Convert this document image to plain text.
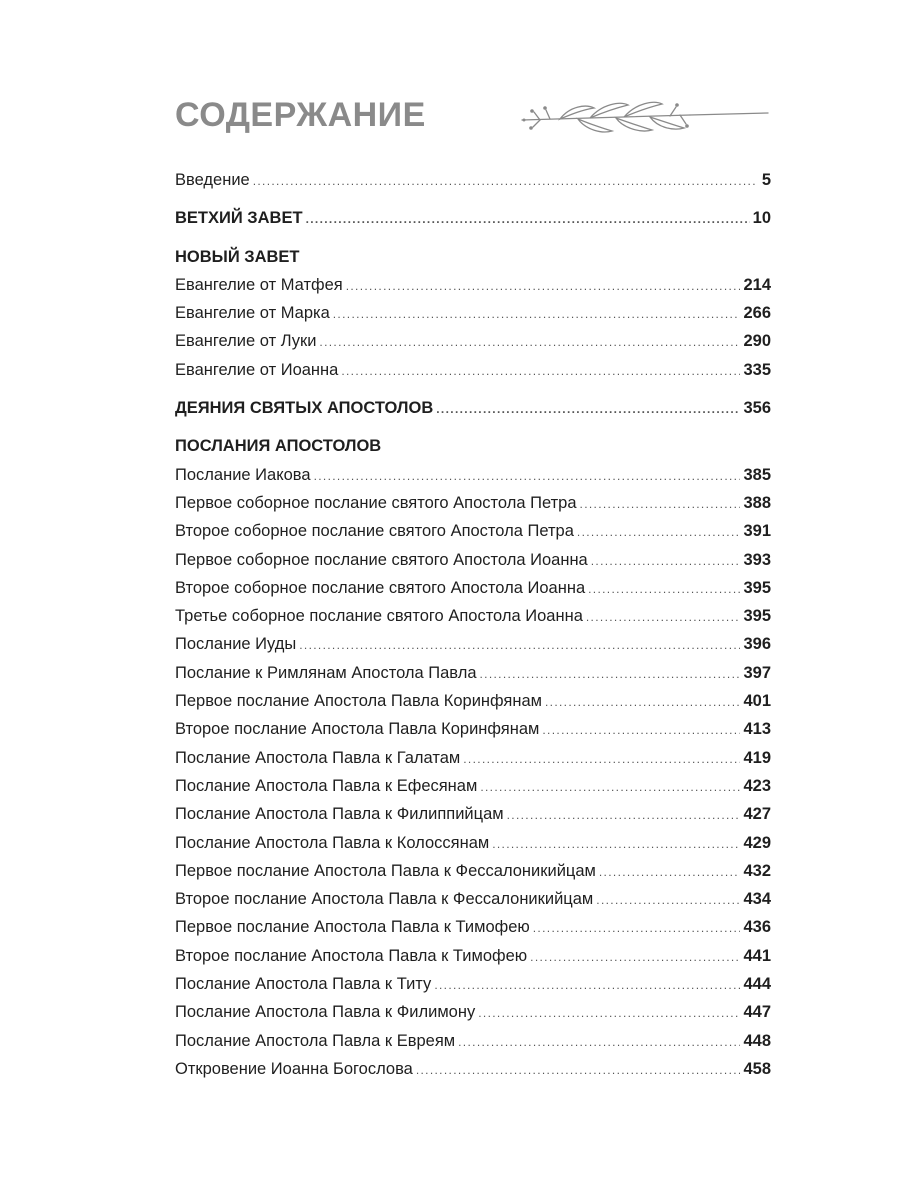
СОДЕРЖАНИЕ
Введение . . .	5
ВЕТХИЙ ЗАВЕТ . . .	10
НОВЫЙ ЗАВЕТ
Евангелие от Матфея . . .	214
Евангелие от Марка . . .	266
Евангелие от Луки . . .	290
Евангелие от Иоанна . . .	335
ДЕЯНИЯ СВЯТЫХ АПОСТОЛОВ . . .	356
ПОСЛАНИЯ АПОСТОЛОВ
Послание Иакова . . .	385
Первое соборное послание святого Апостола Петра . . .	388
Второе соборное послание святого Апостола Петра . . .	391
Первое соборное послание святого Апостола Иоанна . . .	393
Второе соборное послание святого Апостола Иоанна . . .	395
Третье соборное послание святого Апостола Иоанна . . .	395
Послание Иуды . . .	396
Послание к Римлянам Апостола Павла . . .	397
Первое послание Апостола Павла Коринфянам . . .	401
Второе послание Апостола Павла Коринфянам . . .	413
Послание Апостола Павла к Галатам . . .	419
Послание Апостола Павла к Ефесянам . . .	423
Послание Апостола Павла к Филиппийцам . . .	427
Послание Апостола Павла к Колоссянам . . .	429
Первое послание Апостола Павла к Фессалоникийцам . . .	432
Второе послание Апостола Павла к Фессалоникийцам . . .	434
Первое послание Апостола Павла к Тимофею . . .	436
Второе послание Апостола Павла к Тимофею . . .	441
Послание Апостола Павла к Титу . . .	444
Послание Апостола Павла к Филимону . . .	447
Послание Апостола Павла к Евреям . . .	448
Откровение Иоанна Богослова . . .	458
